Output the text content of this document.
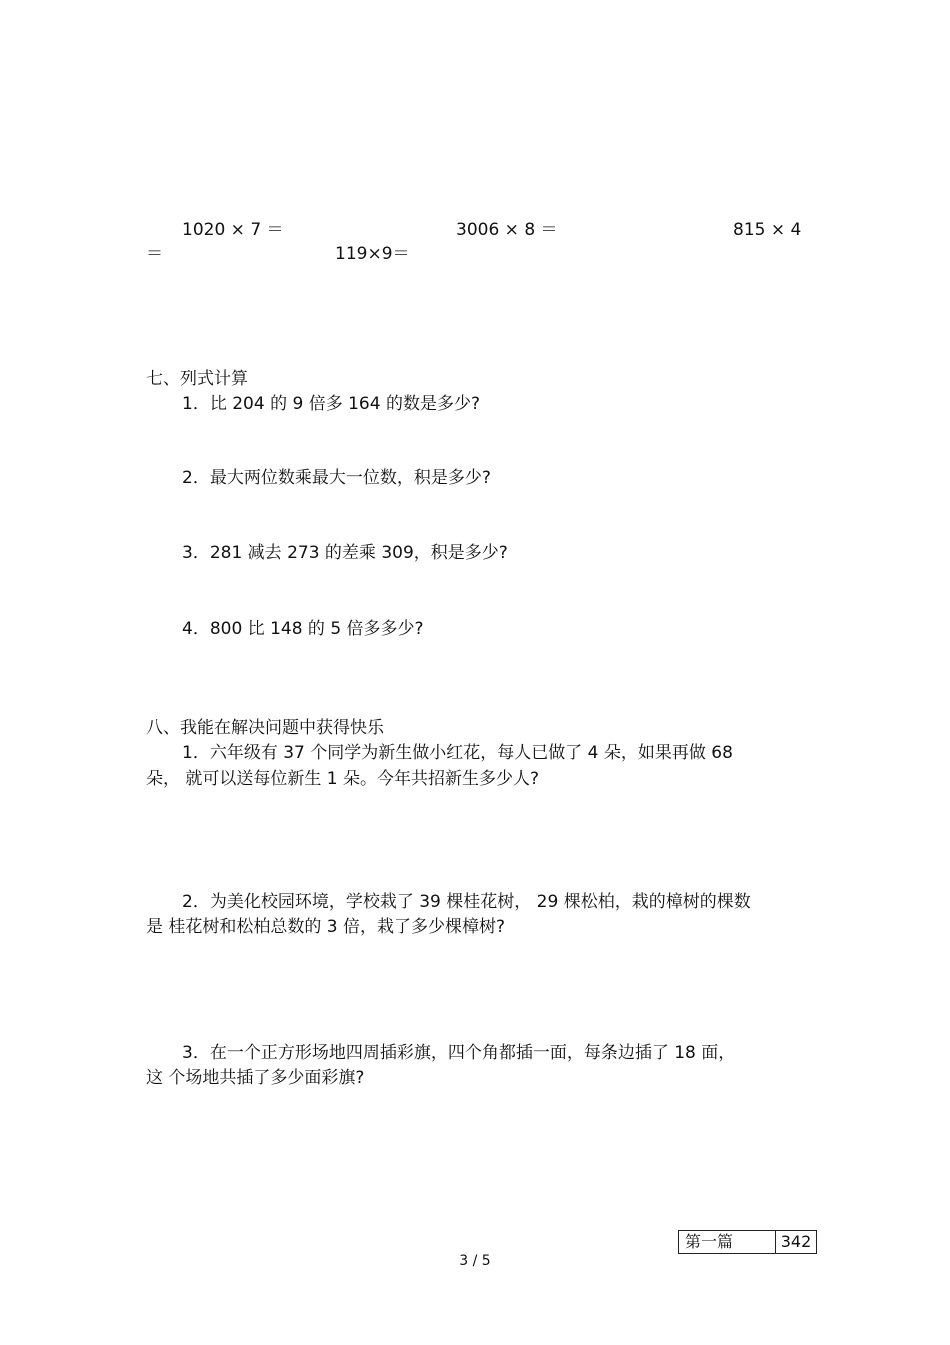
1020 × 7 ＝	3006 × 8 ＝	815 × 4
＝	119×9＝
七、列式计算
1．比 204 的 9 倍多 164 的数是多少?
2．最大两位数乘最大一位数，积是多少?
3．281 减去 273 的差乘 309，积是多少?
4．800 比 148 的 5 倍多多少?
八、我能在解决问题中获得快乐
1．六年级有 37 个同学为新生做小红花，每人已做了 4 朵，如果再做 68
朵， 就可以送每位新生 1 朵。今年共招新生多少人?
2．为美化校园环境，学校栽了 39 棵桂花树， 29 棵松柏，栽的樟树的棵数
是 桂花树和松柏总数的 3 倍，栽了多少棵樟树?
3．在一个正方形场地四周插彩旗，四个角都插一面，每条边插了 18 面，
这 个场地共插了多少面彩旗?
第一篇	342
3 / 5
